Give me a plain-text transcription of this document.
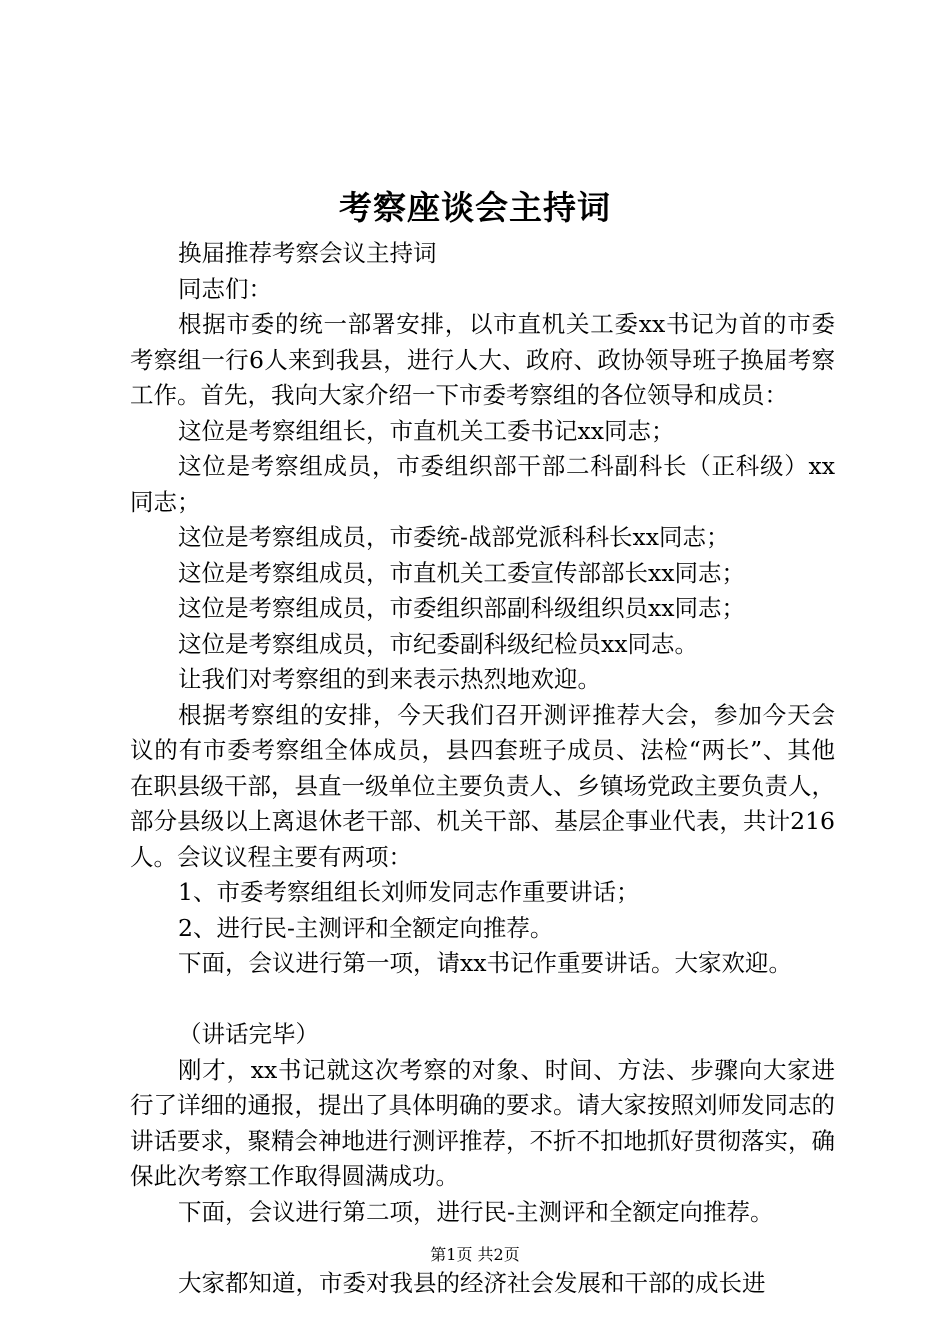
考察座谈会主持词

换届推荐考察会议主持词

同志们：

根据市委的统一部署安排，以市直机关工委xx书记为首的市委考察组一行6人来到我县，进行人大、政府、政协领导班子换届考察工作。首先，我向大家介绍一下市委考察组的各位领导和成员：

这位是考察组组长，市直机关工委书记xx同志；

这位是考察组成员，市委组织部干部二科副科长（正科级）xx同志；

这位是考察组成员，市委统-战部党派科科长xx同志；

这位是考察组成员，市直机关工委宣传部部长xx同志；

这位是考察组成员，市委组织部副科级组织员xx同志；

这位是考察组成员，市纪委副科级纪检员xx同志。

让我们对考察组的到来表示热烈地欢迎。

根据考察组的安排，今天我们召开测评推荐大会，参加今天会议的有市委考察组全体成员，县四套班子成员、法检“两长”、其他在职县级干部，县直一级单位主要负责人、乡镇场党政主要负责人，部分县级以上离退休老干部、机关干部、基层企事业代表，共计216人。会议议程主要有两项：

1、市委考察组组长刘师发同志作重要讲话；

2、进行民-主测评和全额定向推荐。

下面，会议进行第一项，请xx书记作重要讲话。大家欢迎。

（讲话完毕）

刚才，xx书记就这次考察的对象、时间、方法、步骤向大家进行了详细的通报，提出了具体明确的要求。请大家按照刘师发同志的讲话要求，聚精会神地进行测评推荐，不折不扣地抓好贯彻落实，确保此次考察工作取得圆满成功。

下面，会议进行第二项，进行民-主测评和全额定向推荐。

大家都知道，市委对我县的经济社会发展和干部的成长进

第1页 共2页
